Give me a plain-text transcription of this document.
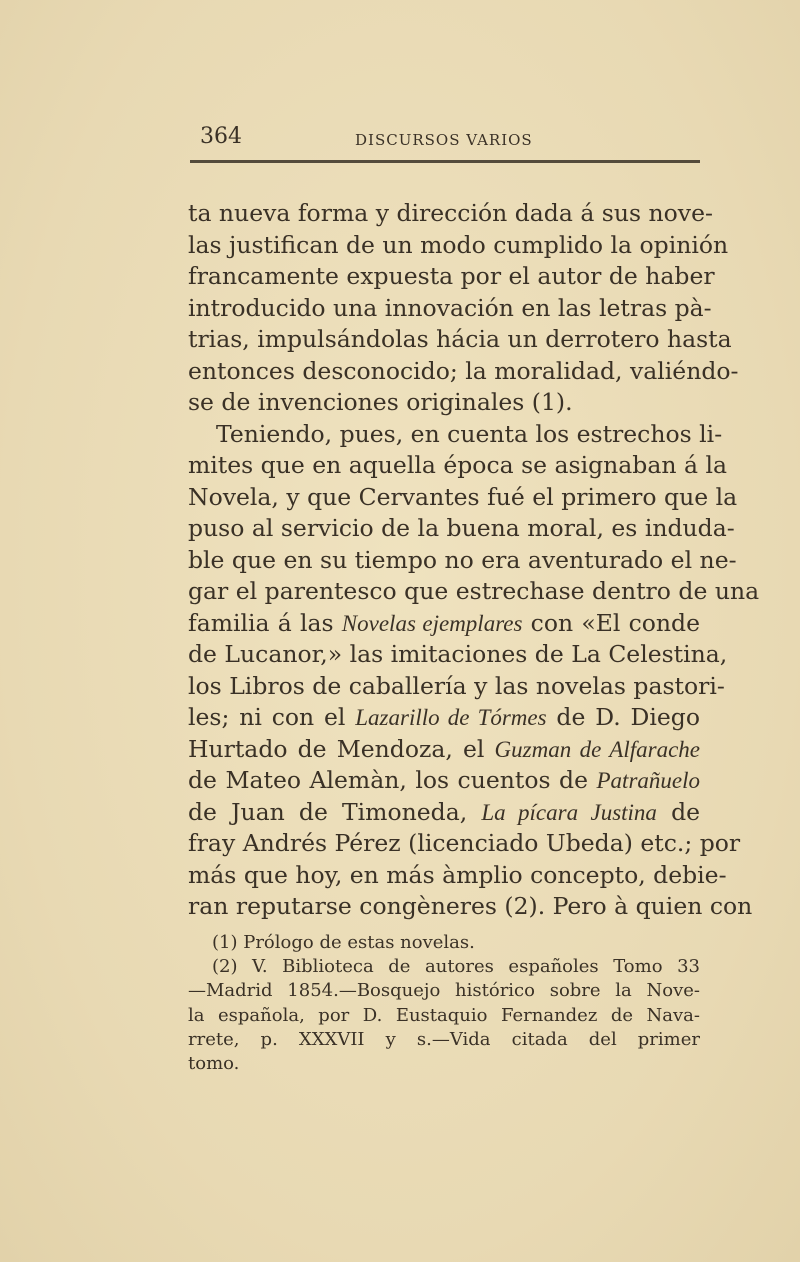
364	DISCURSOS VARIOS
ta nueva forma y dirección dada á sus nove-
las justifican de un modo cumplido la opinión
francamente expuesta por el autor de haber
introducido una innovación en las letras pà-
trias, impulsándolas hácia un derrotero hasta
entonces desconocido; la moralidad, valiéndo-
se de invenciones originales (1).
Teniendo, pues, en cuenta los estrechos li-
mites que en aquella época se asignaban á la
Novela, y que Cervantes fué el primero que la
puso al servicio de la buena moral, es induda-
ble que en su tiempo no era aventurado el ne-
gar el parentesco que estrechase dentro de una
familia á las Novelas ejemplares con «El conde
de Lucanor,» las imitaciones de La Celestina,
los Libros de caballería y las novelas pastori-
les; ni con el Lazarillo de Tórmes de D. Diego
Hurtado de Mendoza, el Guzman de Alfarache
de Mateo Alemàn, los cuentos de Patrañuelo
de Juan de Timoneda, La pícara Justina de
fray Andrés Pérez (licenciado Ubeda) etc.; por
más que hoy, en más àmplio concepto, debie-
ran reputarse congèneres (2). Pero à quien con
(1) Prólogo de estas novelas.
(2) V. Biblioteca de autores españoles Tomo 33
—Madrid 1854.—Bosquejo histórico sobre la Nove-
la española, por D. Eustaquio Fernandez de Nava-
rrete, p. XXXVII y s.—Vida citada del primer
tomo.
